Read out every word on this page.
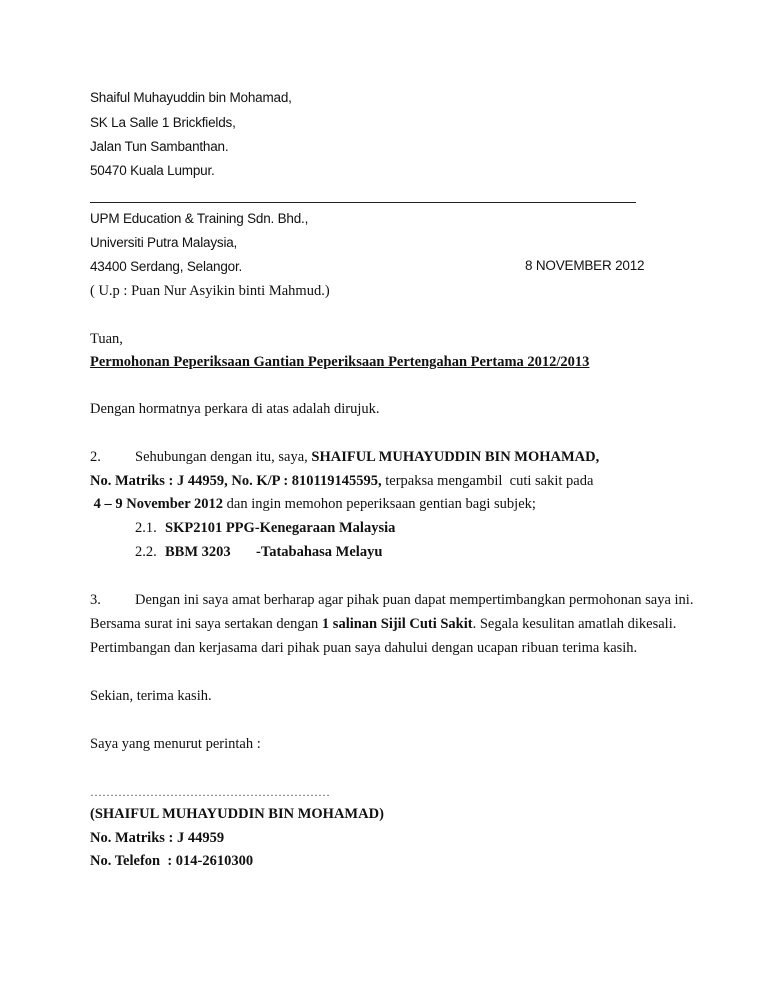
Shaiful Muhayuddin bin Mohamad,
SK La Salle 1 Brickfields,
Jalan Tun Sambanthan.
50470 Kuala Lumpur.
UPM Education & Training Sdn. Bhd.,
Universiti Putra Malaysia,
43400 Serdang, Selangor.	8 NOVEMBER 2012
( U.p : Puan Nur Asyikin binti Mahmud.)
Tuan,
Permohonan Peperiksaan Gantian Peperiksaan Pertengahan Pertama 2012/2013
Dengan hormatnya perkara di atas adalah dirujuk.
2. Sehubungan dengan itu, saya, SHAIFUL MUHAYUDDIN BIN MOHAMAD,
No. Matriks : J 44959, No. K/P : 810119145595, terpaksa mengambil  cuti sakit pada
4 – 9 November 2012 dan ingin memohon peperiksaan gentian bagi subjek;
2.1. SKP2101 PPG-Kenegaraan Malaysia
2.2. BBM 3203       -Tatabahasa Melayu
3. Dengan ini saya amat berharap agar pihak puan dapat mempertimbangkan permohonan saya ini.
Bersama surat ini saya sertakan dengan 1 salinan Sijil Cuti Sakit. Segala kesulitan amatlah dikesali.
Pertimbangan dan kerjasama dari pihak puan saya dahului dengan ucapan ribuan terima kasih.
Sekian, terima kasih.
Saya yang menurut perintah :
……………………………………………………
(SHAIFUL MUHAYUDDIN BIN MOHAMAD)
No. Matriks : J 44959
No. Telefon  : 014-2610300
